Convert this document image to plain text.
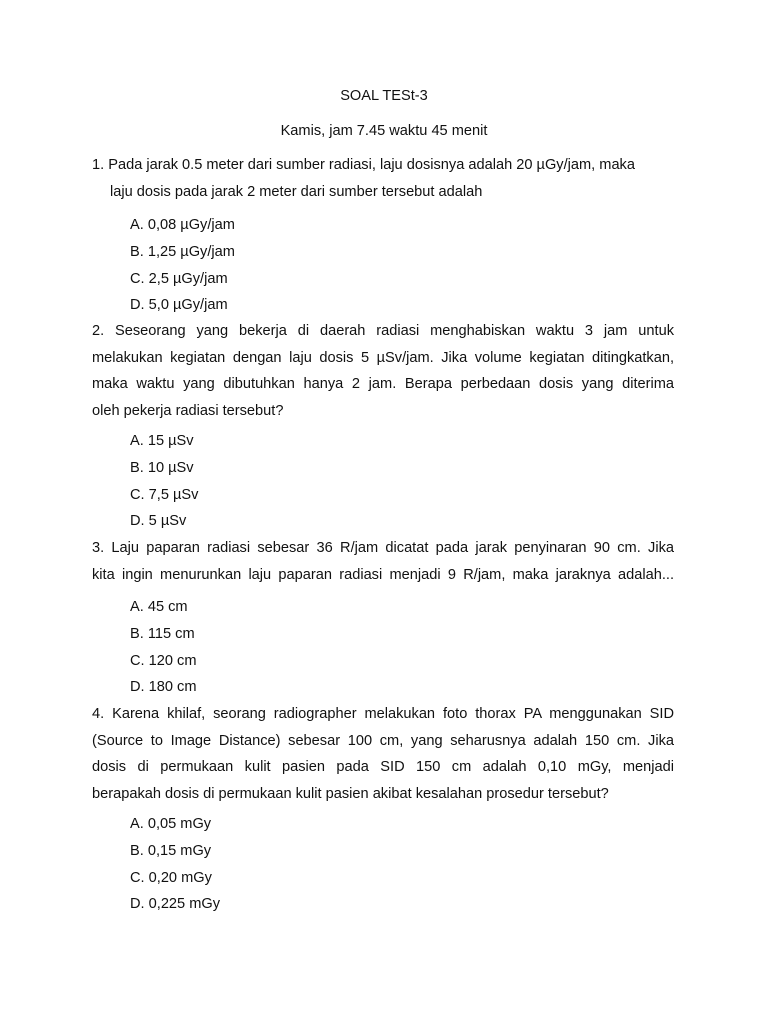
SOAL TESt-3
Kamis, jam 7.45 waktu 45 menit
1. Pada jarak 0.5 meter dari sumber radiasi, laju dosisnya adalah 20 µGy/jam, maka
laju dosis pada jarak 2 meter dari sumber tersebut adalah
A. 0,08 µGy/jam
B. 1,25 µGy/jam
C. 2,5 µGy/jam
D. 5,0 µGy/jam
2. Seseorang yang bekerja di daerah radiasi menghabiskan waktu 3 jam untuk
melakukan kegiatan dengan laju dosis 5 µSv/jam. Jika volume kegiatan ditingkatkan,
maka waktu yang dibutuhkan hanya 2 jam. Berapa perbedaan dosis yang diterima
oleh pekerja radiasi tersebut?
A. 15 µSv
B. 10 µSv
C. 7,5 µSv
D. 5 µSv
3. Laju paparan radiasi sebesar 36 R/jam dicatat pada jarak penyinaran 90 cm. Jika
kita ingin menurunkan laju paparan radiasi menjadi 9 R/jam, maka jaraknya adalah...
A. 45 cm
B. 115 cm
C. 120 cm
D. 180 cm
4. Karena khilaf, seorang radiographer melakukan foto thorax PA menggunakan SID
(Source to Image Distance) sebesar 100 cm, yang seharusnya adalah 150 cm. Jika
dosis di permukaan kulit pasien pada SID 150 cm adalah 0,10 mGy, menjadi
berapakah dosis di permukaan kulit pasien akibat kesalahan prosedur tersebut?
A. 0,05 mGy
B. 0,15 mGy
C. 0,20 mGy
D. 0,225 mGy
